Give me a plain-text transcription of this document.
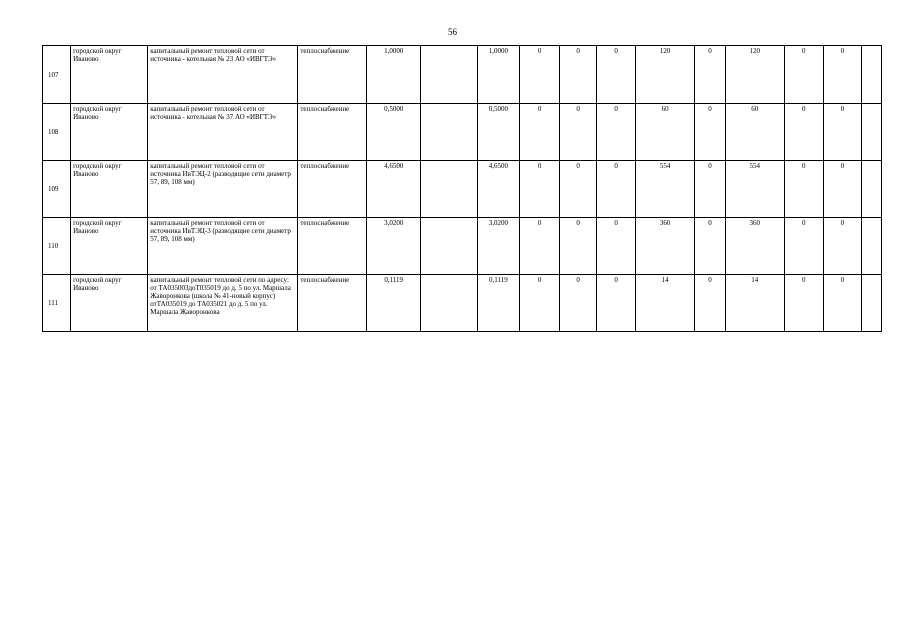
56
107	городской округ Иваново	капитальный ремонт тепловой сети от источника - котельная № 23 АО «ИВГТЭ»	теплоснабжение	1,0000		1,0000	0	0	0	120	0	120	0	0	
108	городской округ Иваново	капитальный ремонт тепловой сети от источника - котельная № 37 АО «ИВГТЭ»	теплоснабжение	0,5000		0,5000	0	0	0	60	0	60	0	0	
109	городской округ Иваново	капитальный ремонт тепловой сети от источника ИвТЭЦ-2 (разводящие сети диаметр 57, 89, 108 мм)	теплоснабжение	4,6500		4,6500	0	0	0	554	0	554	0	0	
110	городской округ Иваново	капитальный ремонт тепловой сети от источника ИвТЭЦ-3 (разводящие сети диаметр 57, 89, 108 мм)	теплоснабжение	3,0200		3,0200	0	0	0	360	0	360	0	0	
111	городской округ Иваново	капитальный ремонт тепловой сети по адресу: от ТА035003доТ035019 до д. 5 по ул. Маршала Жаворонкова (школа № 41-новый корпус) отТА035019 до ТА035021 до д. 5 по ул. Маршала Жаворонкова	теплоснабжение	0,1119		0,1119	0	0	0	14	0	14	0	0	
